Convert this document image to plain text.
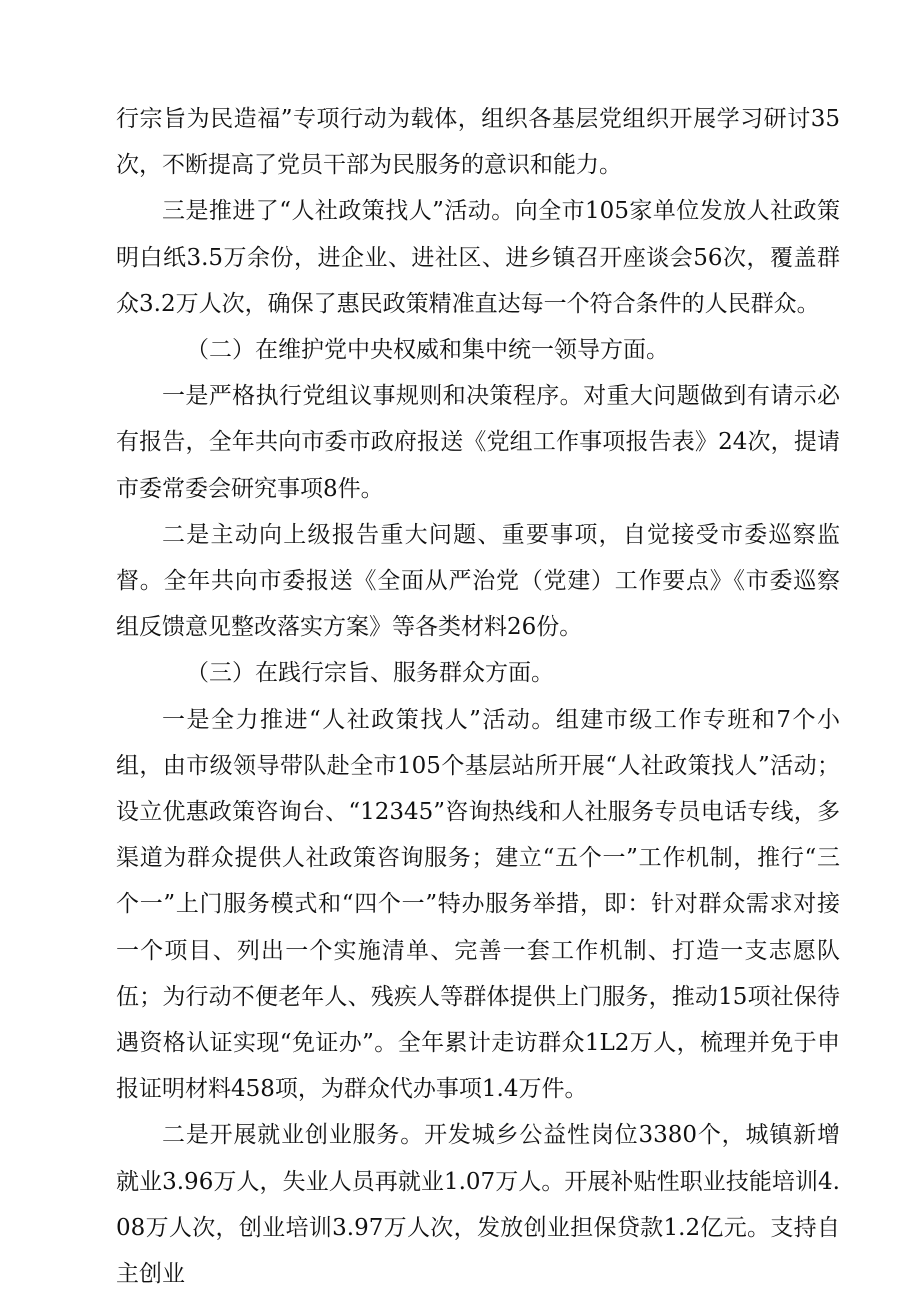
行宗旨为民造福”专项行动为载体，组织各基层党组织开展学习研讨35次，不断提高了党员干部为民服务的意识和能力。

三是推进了“人社政策找人”活动。向全市105家单位发放人社政策明白纸3.5万余份，进企业、进社区、进乡镇召开座谈会56次，覆盖群众3.2万人次，确保了惠民政策精准直达每一个符合条件的人民群众。

（二）在维护党中央权威和集中统一领导方面。

一是严格执行党组议事规则和决策程序。对重大问题做到有请示必有报告，全年共向市委市政府报送《党组工作事项报告表》24次，提请市委常委会研究事项8件。

二是主动向上级报告重大问题、重要事项，自觉接受市委巡察监督。全年共向市委报送《全面从严治党（党建）工作要点》《市委巡察组反馈意见整改落实方案》等各类材料26份。

（三）在践行宗旨、服务群众方面。

一是全力推进“人社政策找人”活动。组建市级工作专班和7个小组，由市级领导带队赴全市105个基层站所开展“人社政策找人”活动；设立优惠政策咨询台、“12345”咨询热线和人社服务专员电话专线，多渠道为群众提供人社政策咨询服务；建立“五个一”工作机制，推行“三个一”上门服务模式和“四个一”特办服务举措，即：针对群众需求对接一个项目、列出一个实施清单、完善一套工作机制、打造一支志愿队伍；为行动不便老年人、残疾人等群体提供上门服务，推动15项社保待遇资格认证实现“免证办”。全年累计走访群众1L2万人，梳理并免于申报证明材料458项，为群众代办事项1.4万件。

二是开展就业创业服务。开发城乡公益性岗位3380个，城镇新增就业3.96万人，失业人员再就业1.07万人。开展补贴性职业技能培训4.08万人次，创业培训3.97万人次，发放创业担保贷款1.2亿元。支持自主创业
